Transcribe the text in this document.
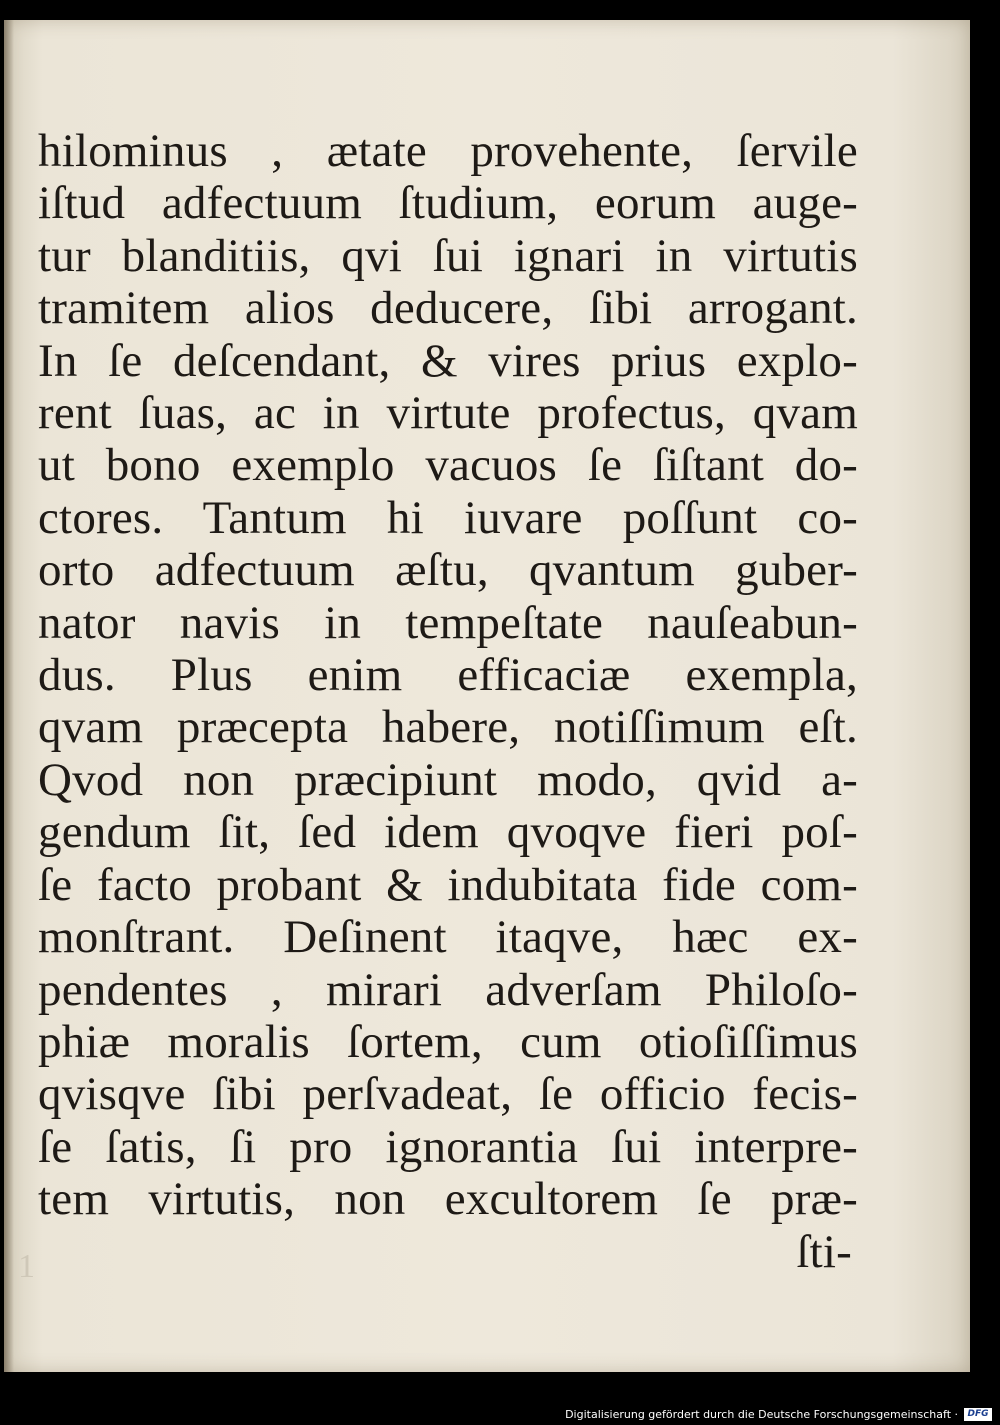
hilominus , ætate provehente, ſervile
iſtud adfectuum ſtudium, eorum auge-
tur blanditiis, qvi ſui ignari in virtutis
tramitem alios deducere, ſibi arrogant.
In ſe deſcendant, & vires prius explo-
rent ſuas, ac in virtute profectus, qvam
ut bono exemplo vacuos ſe ſiſtant do-
ctores. Tantum hi iuvare poſſunt co-
orto adfectuum æſtu, qvantum guber-
nator navis in tempeſtate nauſeabun-
dus. Plus enim efficaciæ exempla,
qvam præcepta habere, notiſſimum eſt.
Qvod non præcipiunt modo, qvid a-
gendum ſit, ſed idem qvoqve fieri poſ-
ſe facto probant & indubitata fide com-
monſtrant. Deſinent itaqve, hæc ex-
pendentes , mirari adverſam Philoſo-
phiæ moralis ſortem, cum otioſiſſimus
qvisqve ſibi perſvadeat, ſe officio fecis-
ſe ſatis, ſi pro ignorantia ſui interpre-
tem virtutis, non excultorem ſe præ-
ſti-
1
Digitalisierung gefördert durch die Deutsche Forschungsgemeinschaft ·	DFG
